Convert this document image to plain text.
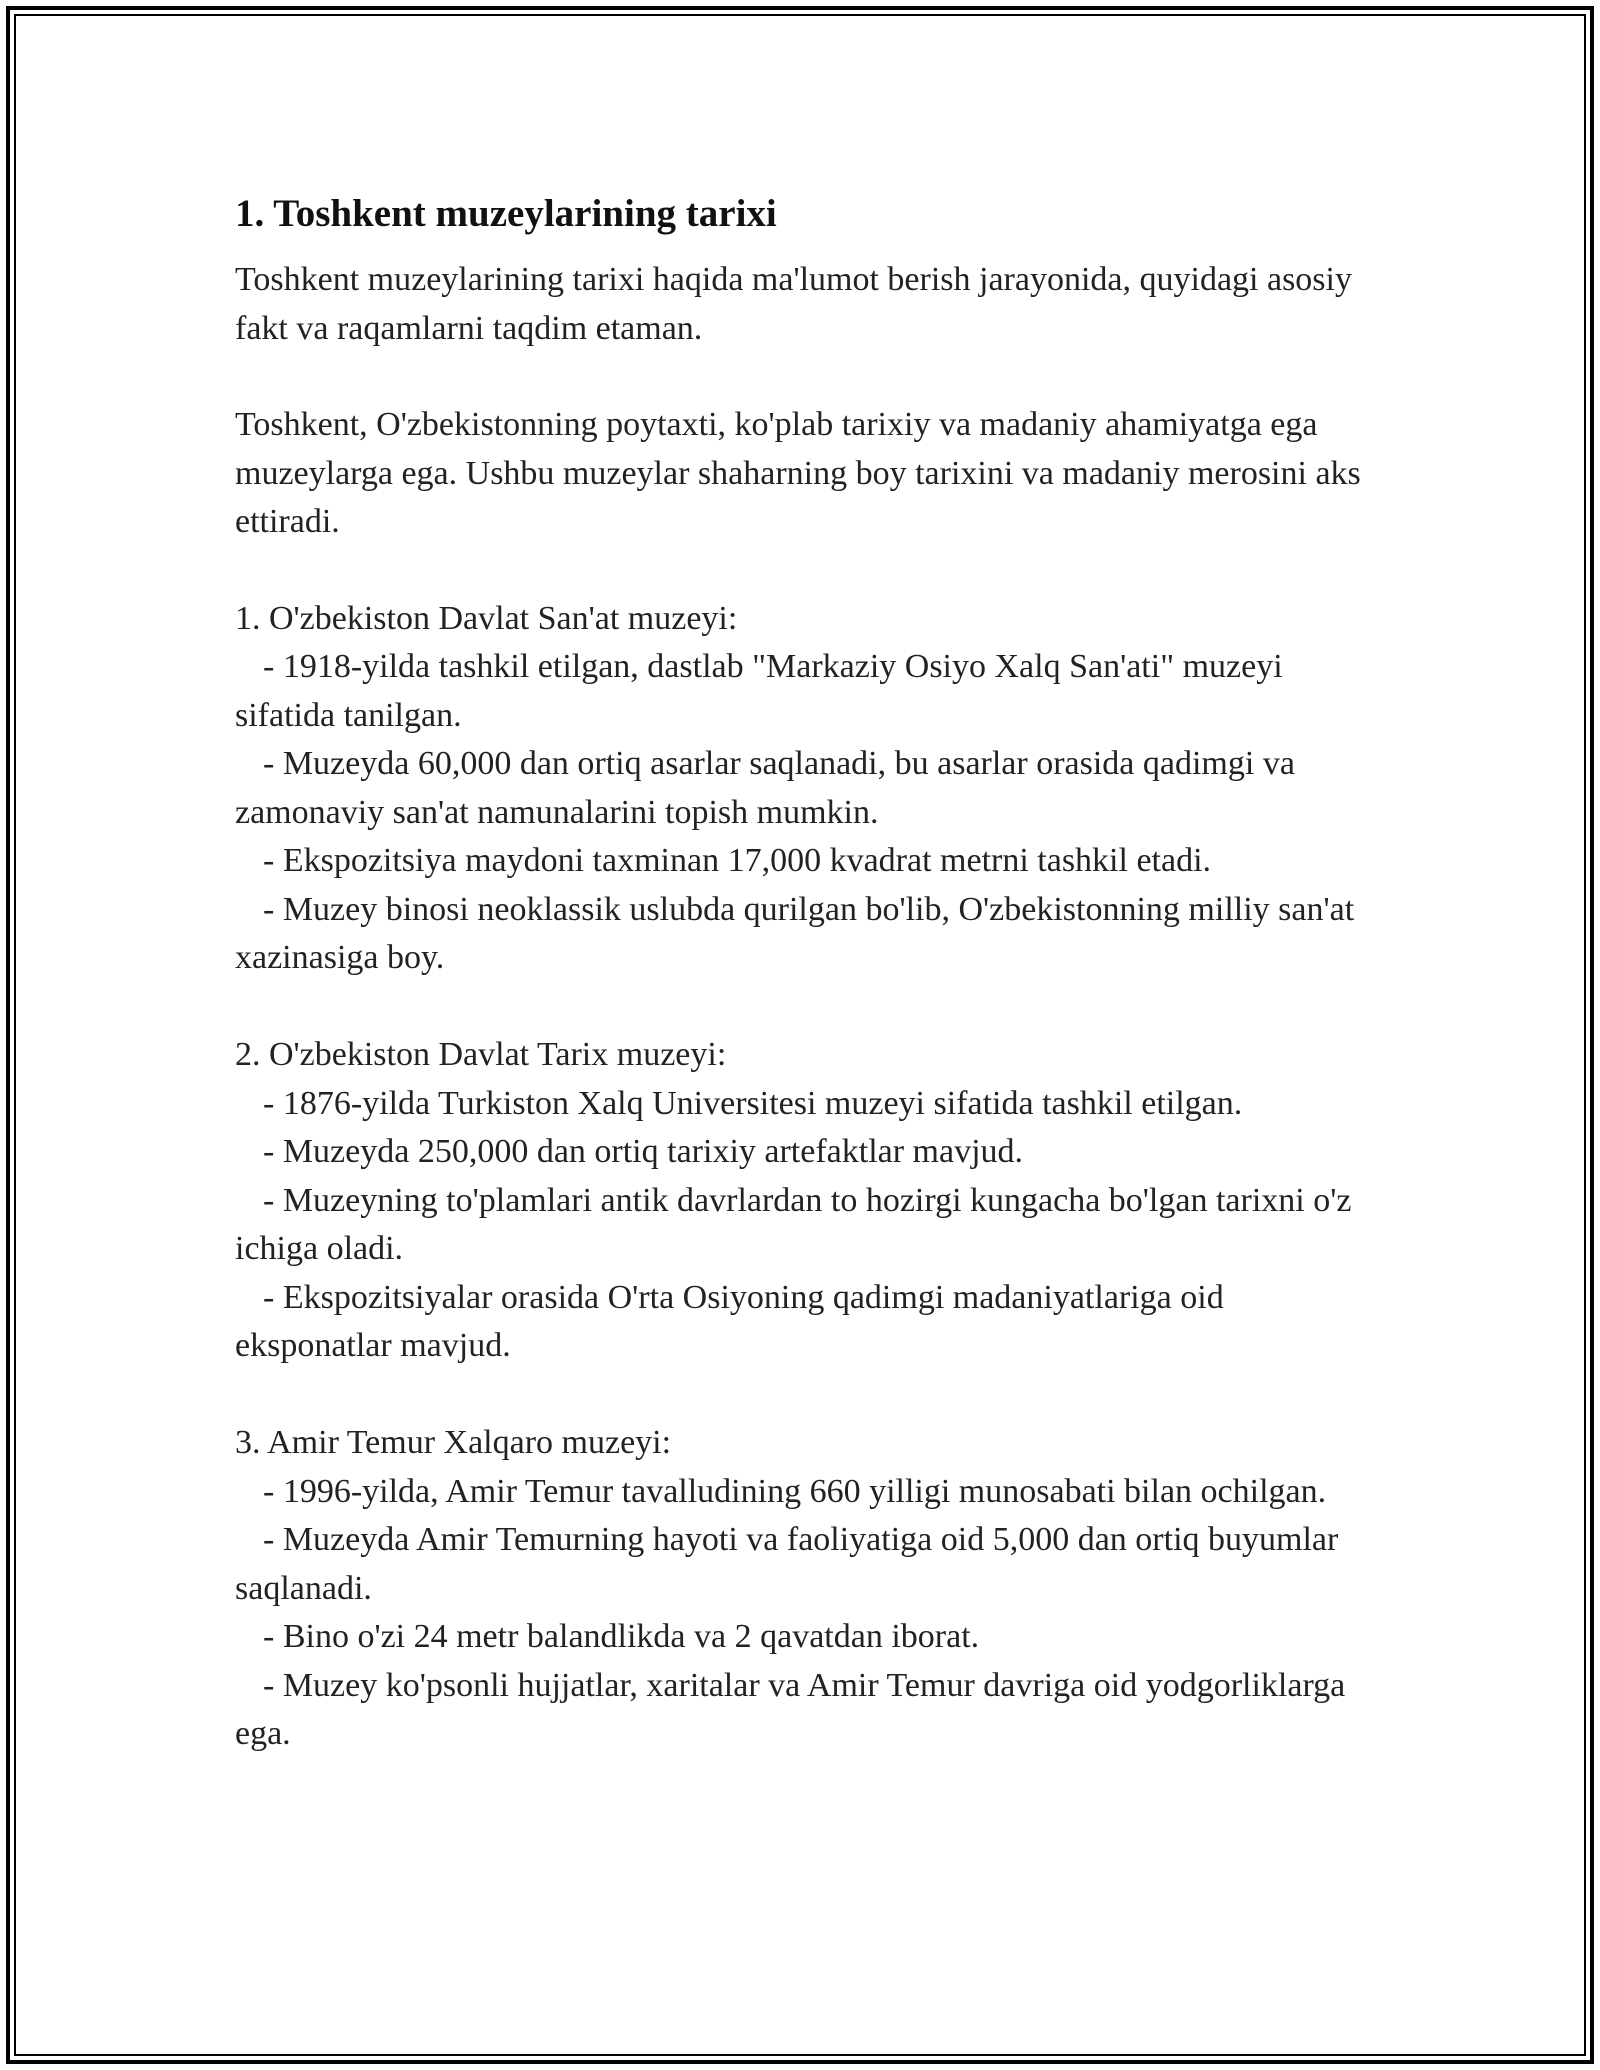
1. Toshkent muzeylarining tarixi
Toshkent muzeylarining tarixi haqida ma'lumot berish jarayonida, quyidagi asosiy fakt va raqamlarni taqdim etaman.
Toshkent, O'zbekistonning poytaxti, ko'plab tarixiy va madaniy ahamiyatga ega muzeylarga ega. Ushbu muzeylar shaharning boy tarixini va madaniy merosini aks ettiradi.
1. O'zbekiston Davlat San'at muzeyi:
- 1918-yilda tashkil etilgan, dastlab "Markaziy Osiyo Xalq San'ati" muzeyi sifatida tanilgan.
- Muzeyda 60,000 dan ortiq asarlar saqlanadi, bu asarlar orasida qadimgi va zamonaviy san'at namunalarini topish mumkin.
- Ekspozitsiya maydoni taxminan 17,000 kvadrat metrni tashkil etadi.
- Muzey binosi neoklassik uslubda qurilgan bo'lib, O'zbekistonning milliy san'at xazinasiga boy.
2. O'zbekiston Davlat Tarix muzeyi:
- 1876-yilda Turkiston Xalq Universitesi muzeyi sifatida tashkil etilgan.
- Muzeyda 250,000 dan ortiq tarixiy artefaktlar mavjud.
- Muzeyning to'plamlari antik davrlardan to hozirgi kungacha bo'lgan tarixni o'z ichiga oladi.
- Ekspozitsiyalar orasida O'rta Osiyoning qadimgi madaniyatlariga oid eksponatlar mavjud.
3. Amir Temur Xalqaro muzeyi:
- 1996-yilda, Amir Temur tavalludining 660 yilligi munosabati bilan ochilgan.
- Muzeyda Amir Temurning hayoti va faoliyatiga oid 5,000 dan ortiq buyumlar saqlanadi.
- Bino o'zi 24 metr balandlikda va 2 qavatdan iborat.
- Muzey ko'psonli hujjatlar, xaritalar va Amir Temur davriga oid yodgorliklarga ega.
